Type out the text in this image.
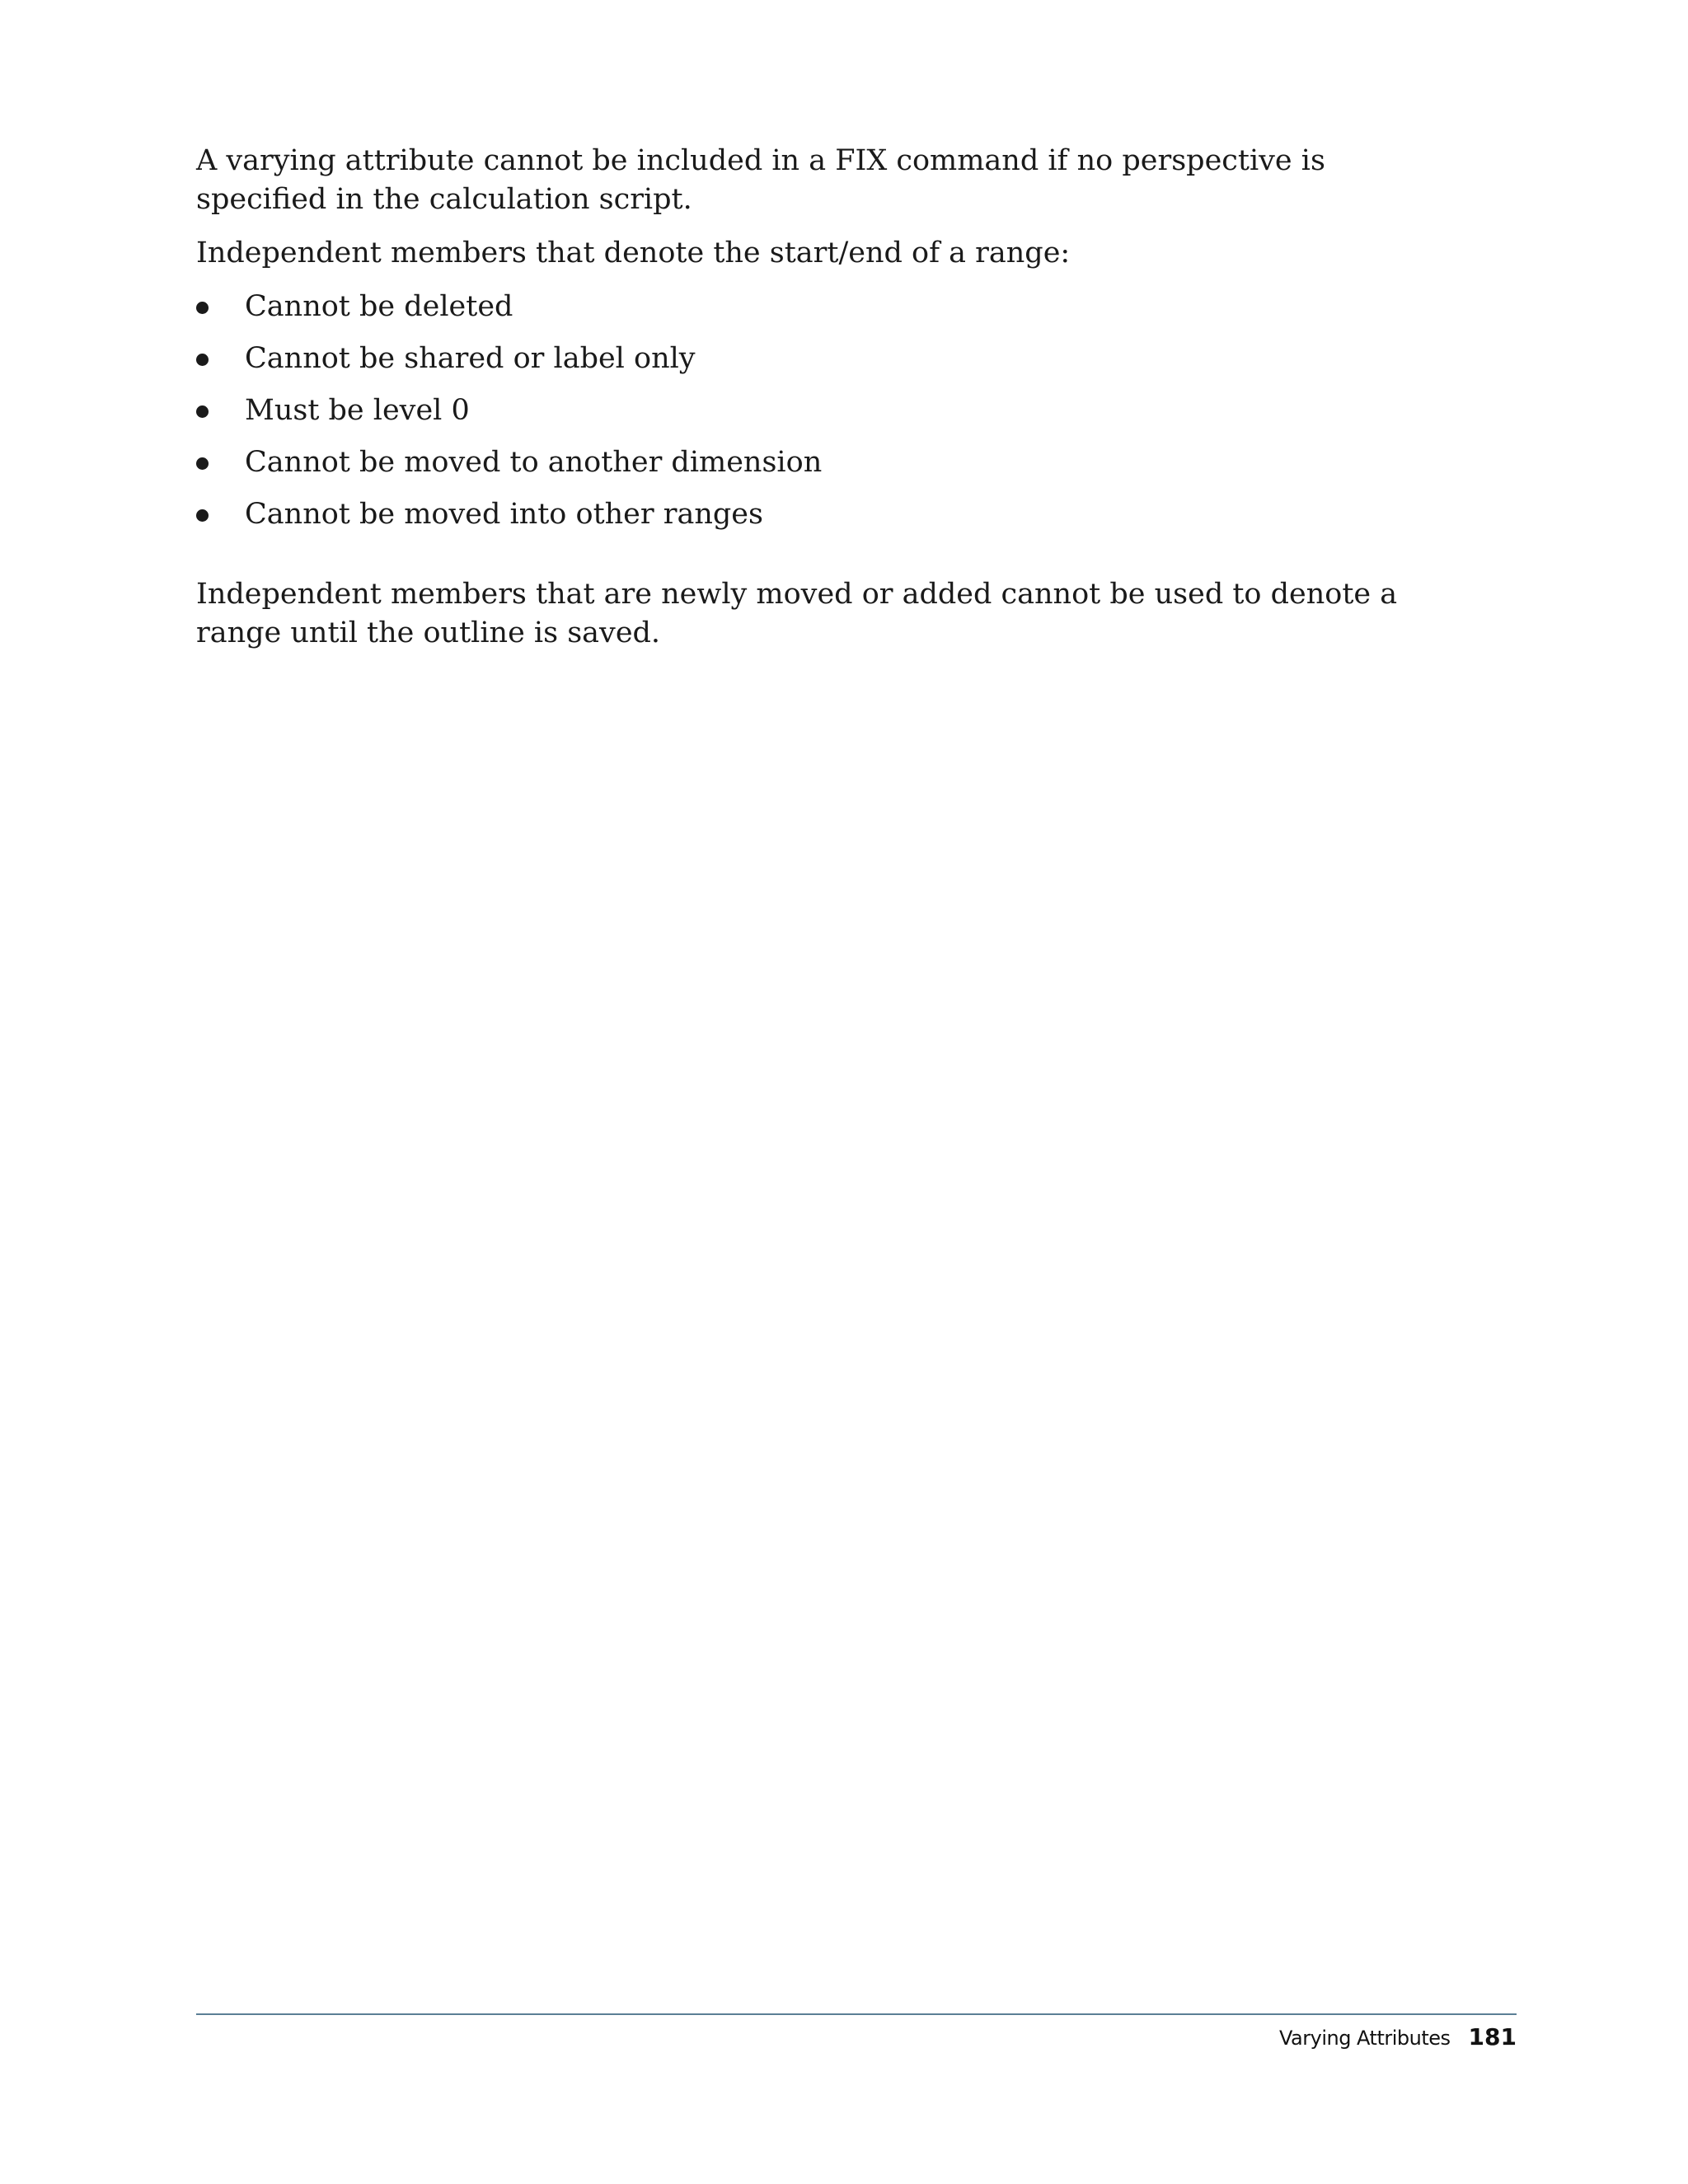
A varying attribute cannot be included in a FIX command if no perspective is specified in the calculation script.

Independent members that denote the start/end of a range:

Cannot be deleted
Cannot be shared or label only
Must be level 0
Cannot be moved to another dimension
Cannot be moved into other ranges

Independent members that are newly moved or added cannot be used to denote a range until the outline is saved.

Varying Attributes 181
